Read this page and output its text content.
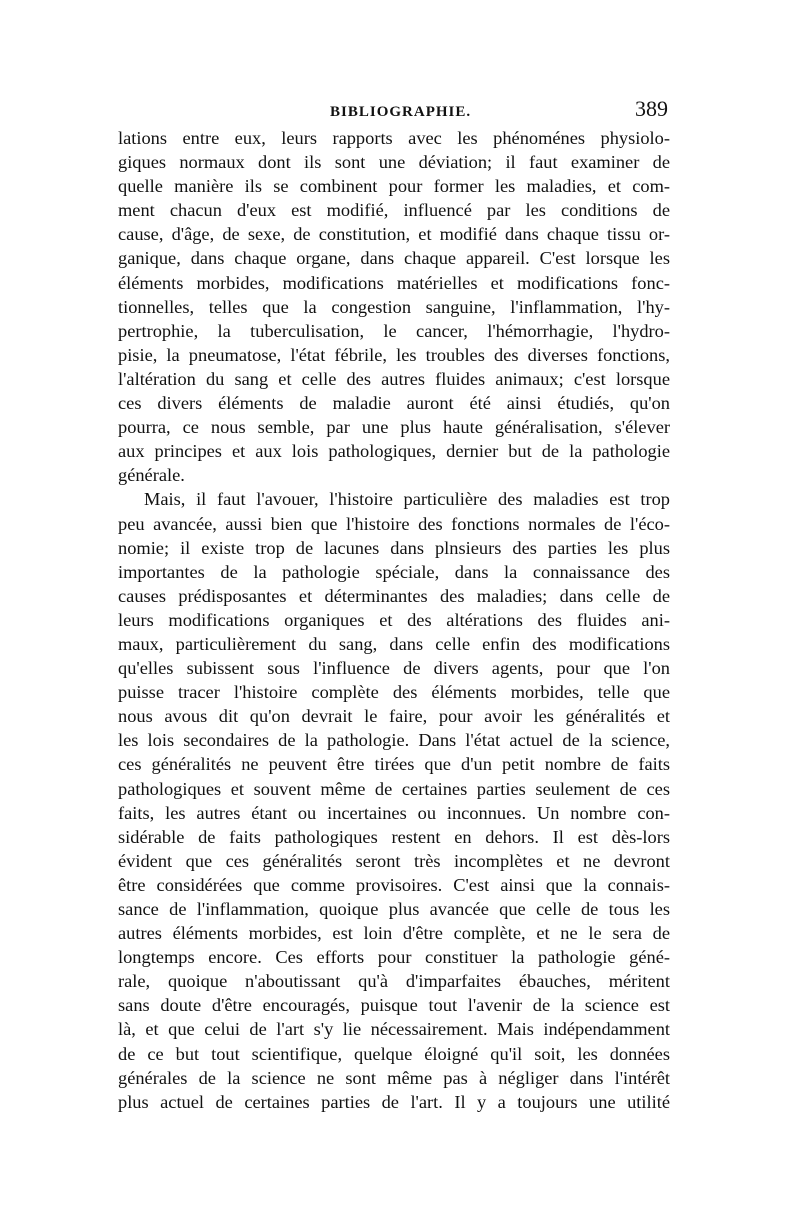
BIBLIOGRAPHIE.	389
lations entre eux, leurs rapports avec les phénoménes physiolo-
giques normaux dont ils sont une déviation; il faut examiner de
quelle manière ils se combinent pour former les maladies, et com-
ment chacun d'eux est modifié, influencé par les conditions de
cause, d'âge, de sexe, de constitution, et modifié dans chaque tissu or-
ganique, dans chaque organe, dans chaque appareil. C'est lorsque les
éléments morbides, modifications matérielles et modifications fonc-
tionnelles, telles que la congestion sanguine, l'inflammation, l'hy-
pertrophie, la tuberculisation, le cancer, l'hémorrhagie, l'hydro-
pisie, la pneumatose, l'état fébrile, les troubles des diverses fonctions,
l'altération du sang et celle des autres fluides animaux; c'est lorsque
ces divers éléments de maladie auront été ainsi étudiés, qu'on
pourra, ce nous semble, par une plus haute généralisation, s'élever
aux principes et aux lois pathologiques, dernier but de la pathologie
générale.
Mais, il faut l'avouer, l'histoire particulière des maladies est trop
peu avancée, aussi bien que l'histoire des fonctions normales de l'éco-
nomie; il existe trop de lacunes dans plnsieurs des parties les plus
importantes de la pathologie spéciale, dans la connaissance des
causes prédisposantes et déterminantes des maladies; dans celle de
leurs modifications organiques et des altérations des fluides ani-
maux, particulièrement du sang, dans celle enfin des modifications
qu'elles subissent sous l'influence de divers agents, pour que l'on
puisse tracer l'histoire complète des éléments morbides, telle que
nous avous dit qu'on devrait le faire, pour avoir les généralités et
les lois secondaires de la pathologie. Dans l'état actuel de la science,
ces généralités ne peuvent être tirées que d'un petit nombre de faits
pathologiques et souvent même de certaines parties seulement de ces
faits, les autres étant ou incertaines ou inconnues. Un nombre con-
sidérable de faits pathologiques restent en dehors. Il est dès-lors
évident que ces généralités seront très incomplètes et ne devront
être considérées que comme provisoires. C'est ainsi que la connais-
sance de l'inflammation, quoique plus avancée que celle de tous les
autres éléments morbides, est loin d'être complète, et ne le sera de
longtemps encore. Ces efforts pour constituer la pathologie géné-
rale, quoique n'aboutissant qu'à d'imparfaites ébauches, méritent
sans doute d'être encouragés, puisque tout l'avenir de la science est
là, et que celui de l'art s'y lie nécessairement. Mais indépendamment
de ce but tout scientifique, quelque éloigné qu'il soit, les données
générales de la science ne sont même pas à négliger dans l'intérêt
plus actuel de certaines parties de l'art. Il y a toujours une utilité
